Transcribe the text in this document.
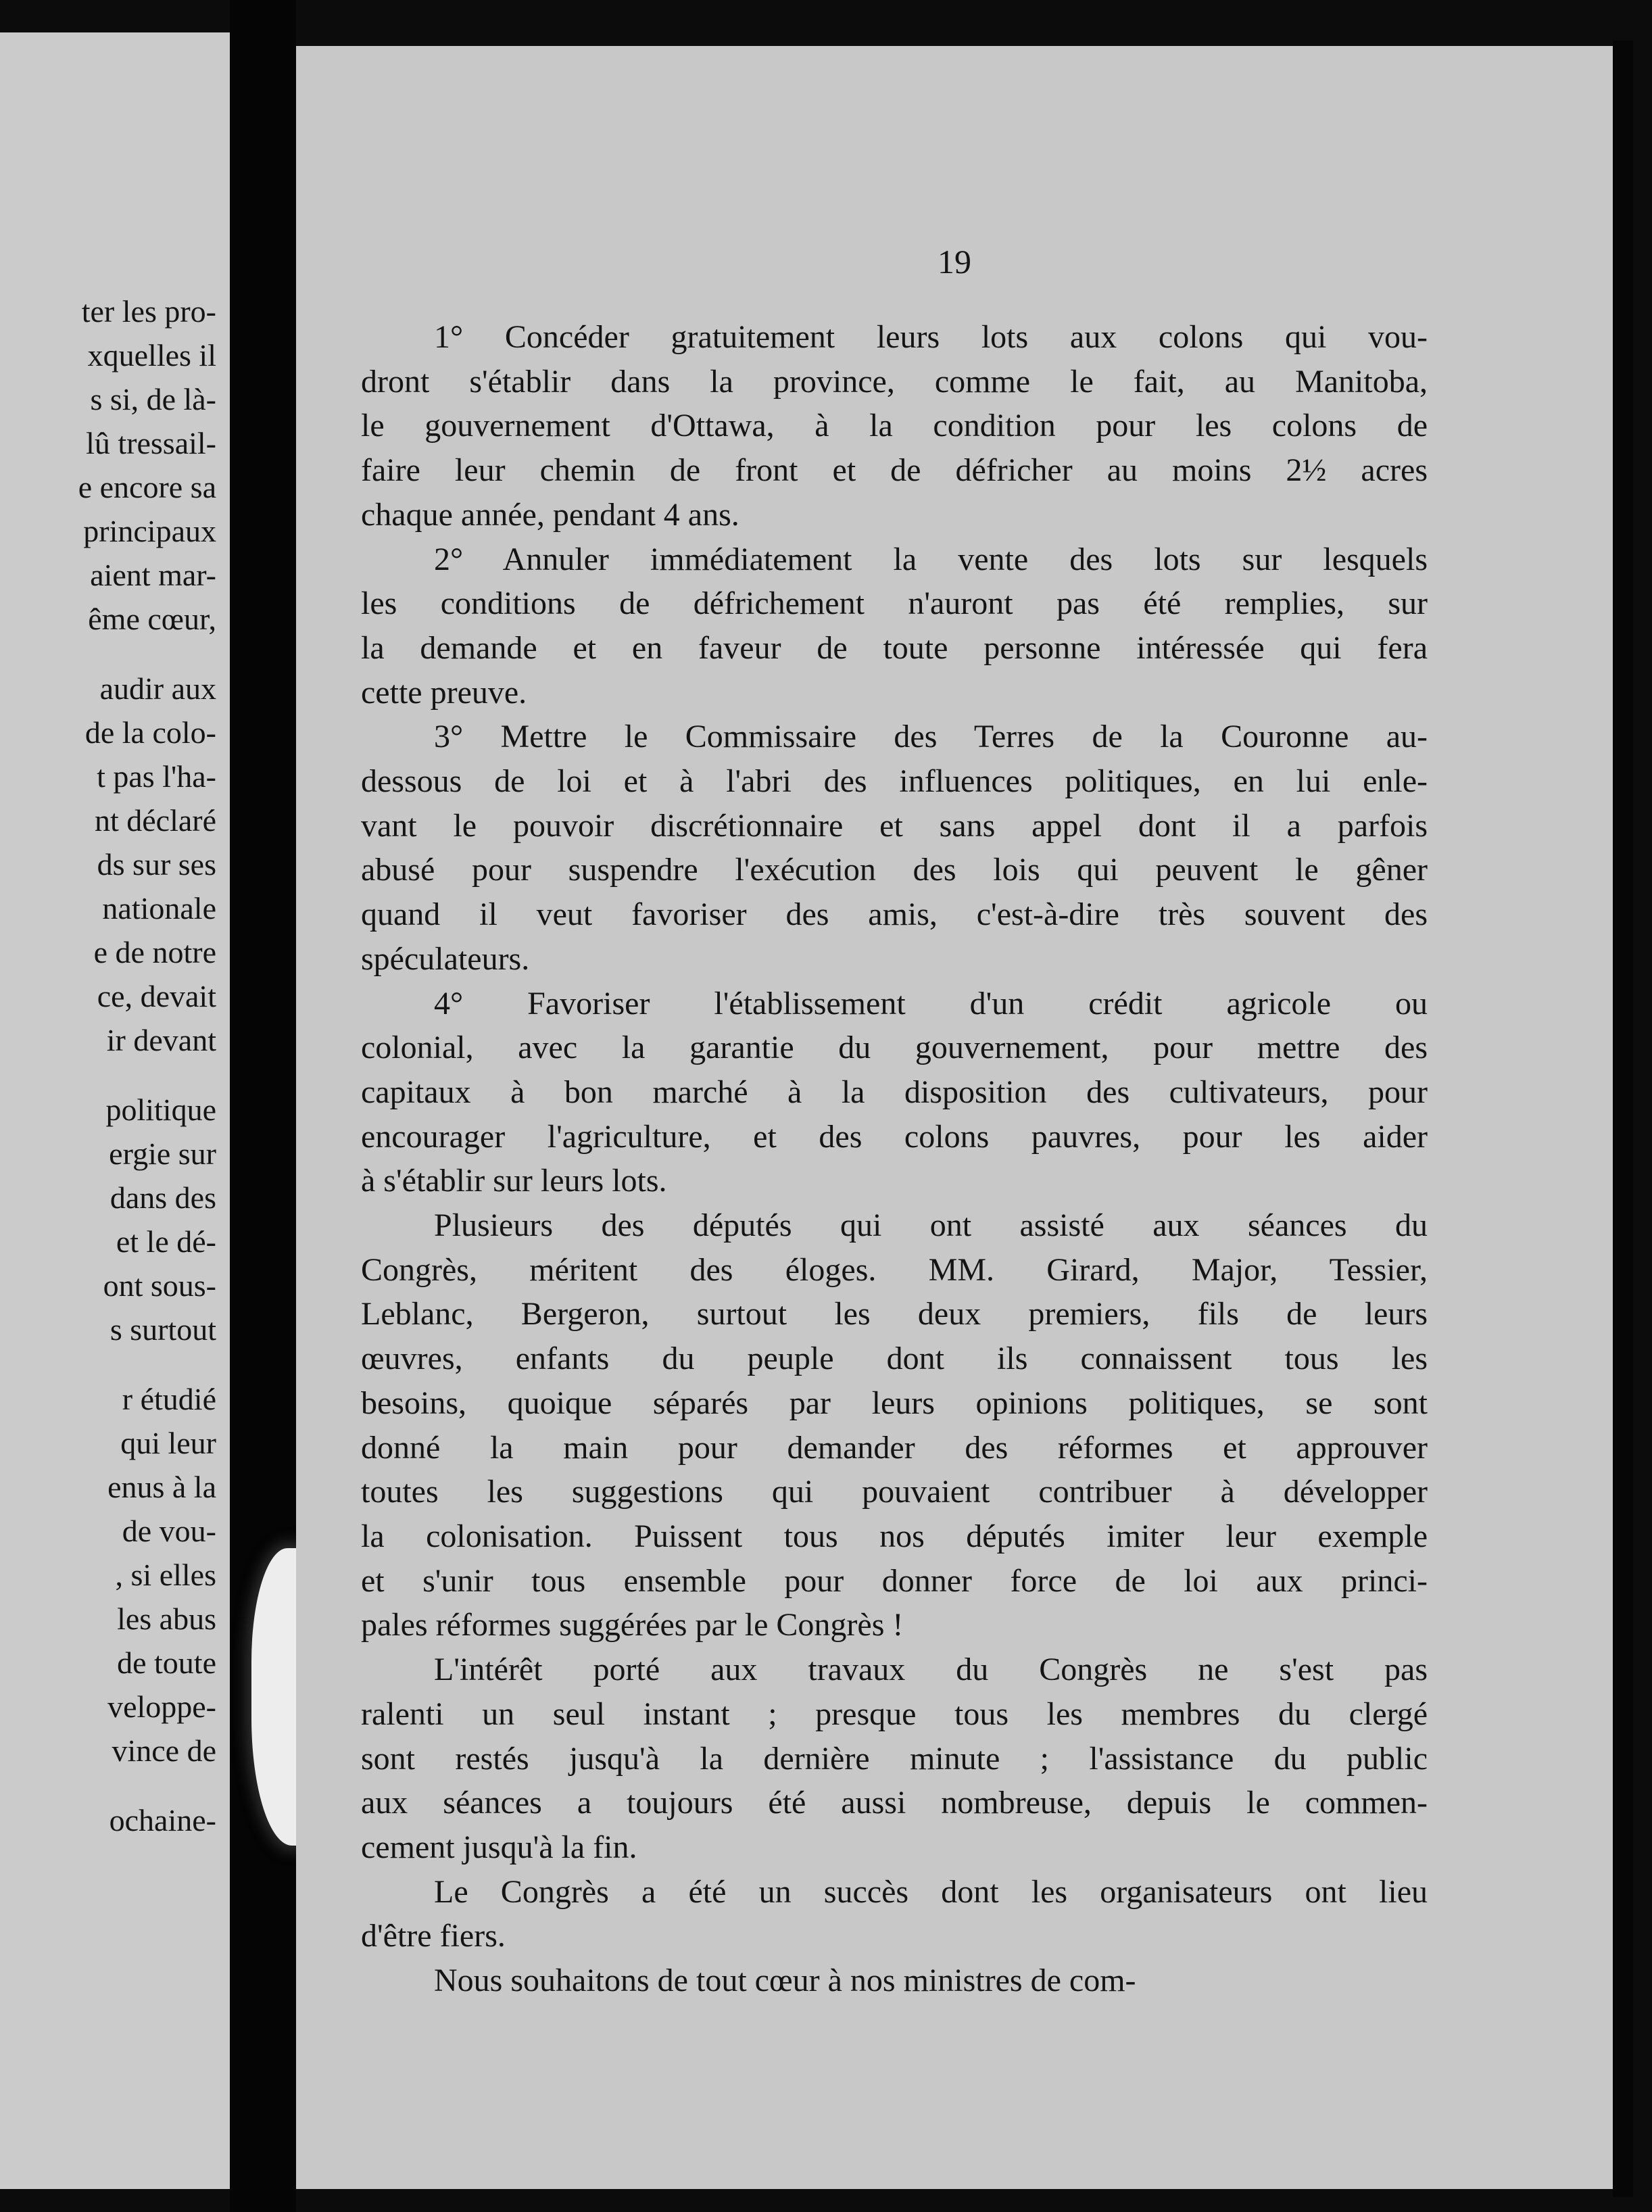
ter les pro-
xquelles il
s si, de là-
lû tressail-
e encore sa
principaux
aient mar-
ême cœur,
audir aux
de la colo-
t pas l'ha-
nt déclaré
ds sur ses
nationale
e de notre
ce, devait
ir devant
politique
ergie sur
dans des
et le dé-
ont sous-
s surtout
r étudié
qui leur
enus à la
de vou-
, si elles
les abus
de toute
veloppe-
vince de
ochaine-
19

1° Concéder gratuitement leurs lots aux colons qui vou-
dront s'établir dans la province, comme le fait, au Manitoba,
le gouvernement d'Ottawa, à la condition pour les colons de
faire leur chemin de front et de défricher au moins 2½ acres
chaque année, pendant 4 ans.

2° Annuler immédiatement la vente des lots sur lesquels
les conditions de défrichement n'auront pas été remplies, sur
la demande et en faveur de toute personne intéressée qui fera
cette preuve.

3° Mettre le Commissaire des Terres de la Couronne au-
dessous de loi et à l'abri des influences politiques, en lui enle-
vant le pouvoir discrétionnaire et sans appel dont il a parfois
abusé pour suspendre l'exécution des lois qui peuvent le gêner
quand il veut favoriser des amis, c'est-à-dire très souvent des
spéculateurs.

4° Favoriser l'établissement d'un crédit agricole ou
colonial, avec la garantie du gouvernement, pour mettre des
capitaux à bon marché à la disposition des cultivateurs, pour
encourager l'agriculture, et des colons pauvres, pour les aider
à s'établir sur leurs lots.

Plusieurs des députés qui ont assisté aux séances du
Congrès, méritent des éloges. MM. Girard, Major, Tessier,
Leblanc, Bergeron, surtout les deux premiers, fils de leurs
œuvres, enfants du peuple dont ils connaissent tous les
besoins, quoique séparés par leurs opinions politiques, se sont
donné la main pour demander des réformes et approuver
toutes les suggestions qui pouvaient contribuer à développer
la colonisation. Puissent tous nos députés imiter leur exemple
et s'unir tous ensemble pour donner force de loi aux princi-
pales réformes suggérées par le Congrès !

L'intérêt porté aux travaux du Congrès ne s'est pas
ralenti un seul instant ; presque tous les membres du clergé
sont restés jusqu'à la dernière minute ; l'assistance du public
aux séances a toujours été aussi nombreuse, depuis le commen-
cement jusqu'à la fin.

Le Congrès a été un succès dont les organisateurs ont lieu
d'être fiers.

Nous souhaitons de tout cœur à nos ministres de com-
